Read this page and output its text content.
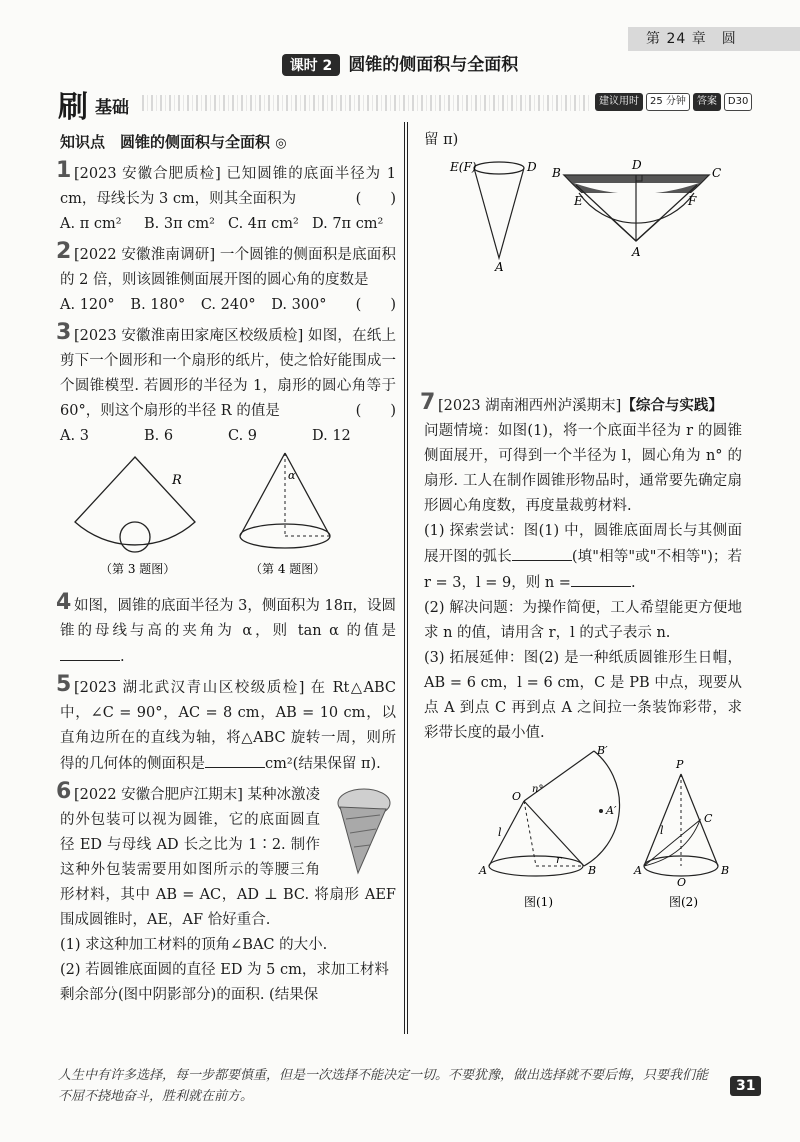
第 24 章　圆
课时 2 圆锥的侧面积与全面积
刷 基础	建议用时	25 分钟	答案	D30
知识点　圆锥的侧面积与全面积 ◎
1 [2023 安徽合肥质检] 已知圆锥的底面半径为 1 cm，母线长为 3 cm，则其全面积为	(　　)
A. π cm²	B. 3π cm² C. 4π cm² D. 7π cm²
2 [2022 安徽淮南调研] 一个圆锥的侧面积是底面积的 2 倍，则该圆锥侧面展开图的圆心角的度数是
(　　)
A. 120°	B. 180°	C. 240°	D. 300°
3 [2023 安徽淮南田家庵区校级质检] 如图，在纸上剪下一个圆形和一个扇形的纸片，使之恰好能围成一个圆锥模型. 若圆形的半径为 1，扇形的圆心角等于 60°，则这个扇形的半径 R 的值是	(　　)
A. 3	B. 6	C. 9	D. 12
R
（第 3 题图）
α
（第 4 题图）
4 如图，圆锥的底面半径为 3，侧面积为 18π，设圆锥的母线与高的夹角为 α，则 tan α 的值是.
5 [2023 湖北武汉青山区校级质检] 在 Rt△ABC 中，∠C = 90°，AC = 8 cm，AB = 10 cm，以直角边所在的直线为轴，将△ABC 旋转一周，则所得的几何体的侧面积是	cm²(结果保留 π).
6 [2022 安徽合肥庐江期末] 某种冰激凌的外包装可以视为圆锥，它的底面圆直径 ED 与母线 AD 长之比为 1∶2. 制作这种外包装需要用如图所示的等腰三角形材料，其中 AB = AC，AD ⊥ BC. 将扇形 AEF 围成圆锥时，AE，AF 恰好重合.
(1) 求这种加工材料的顶角∠BAC 的大小.
(2) 若圆锥底面圆的直径 ED 为 5 cm，求加工材料剩余部分(图中阴影部分)的面积. (结果保
留 π)
E(F)	D
A
B	C
D
E	F
A
7 [2023 湖南湘西州泸溪期末]【综合与实践】
问题情境：如图(1)，将一个底面半径为 r 的圆锥侧面展开，可得到一个半径为 l，圆心角为 n° 的扇形. 工人在制作圆锥形物品时，通常要先确定扇形圆心角度数，再度量裁剪材料.
(1) 探索尝试：图(1) 中，圆锥底面周长与其侧面展开图的弧长	(填"相等"或"不相等")；若 r = 3，l = 9，则 n =	.
(2) 解决问题：为操作简便，工人希望能更方便地求 n 的值，请用含 r，l 的式子表示 n.
(3) 拓展延伸：图(2) 是一种纸质圆锥形生日帽，AB = 6 cm，l = 6 cm，C 是 PB 中点，现要从点 A 到点 C 再到点 A 之间拉一条装饰彩带，求彩带长度的最小值.
B′
A′
O
n°
l
r
A	B
图(1)
P
C
l
A	B
O
图(2)
人生中有许多选择，每一步都要慎重，但是一次选择不能决定一切。不要犹豫，做出选择就不要后悔，只要我们能不屈不挠地奋斗，胜利就在前方。
31
